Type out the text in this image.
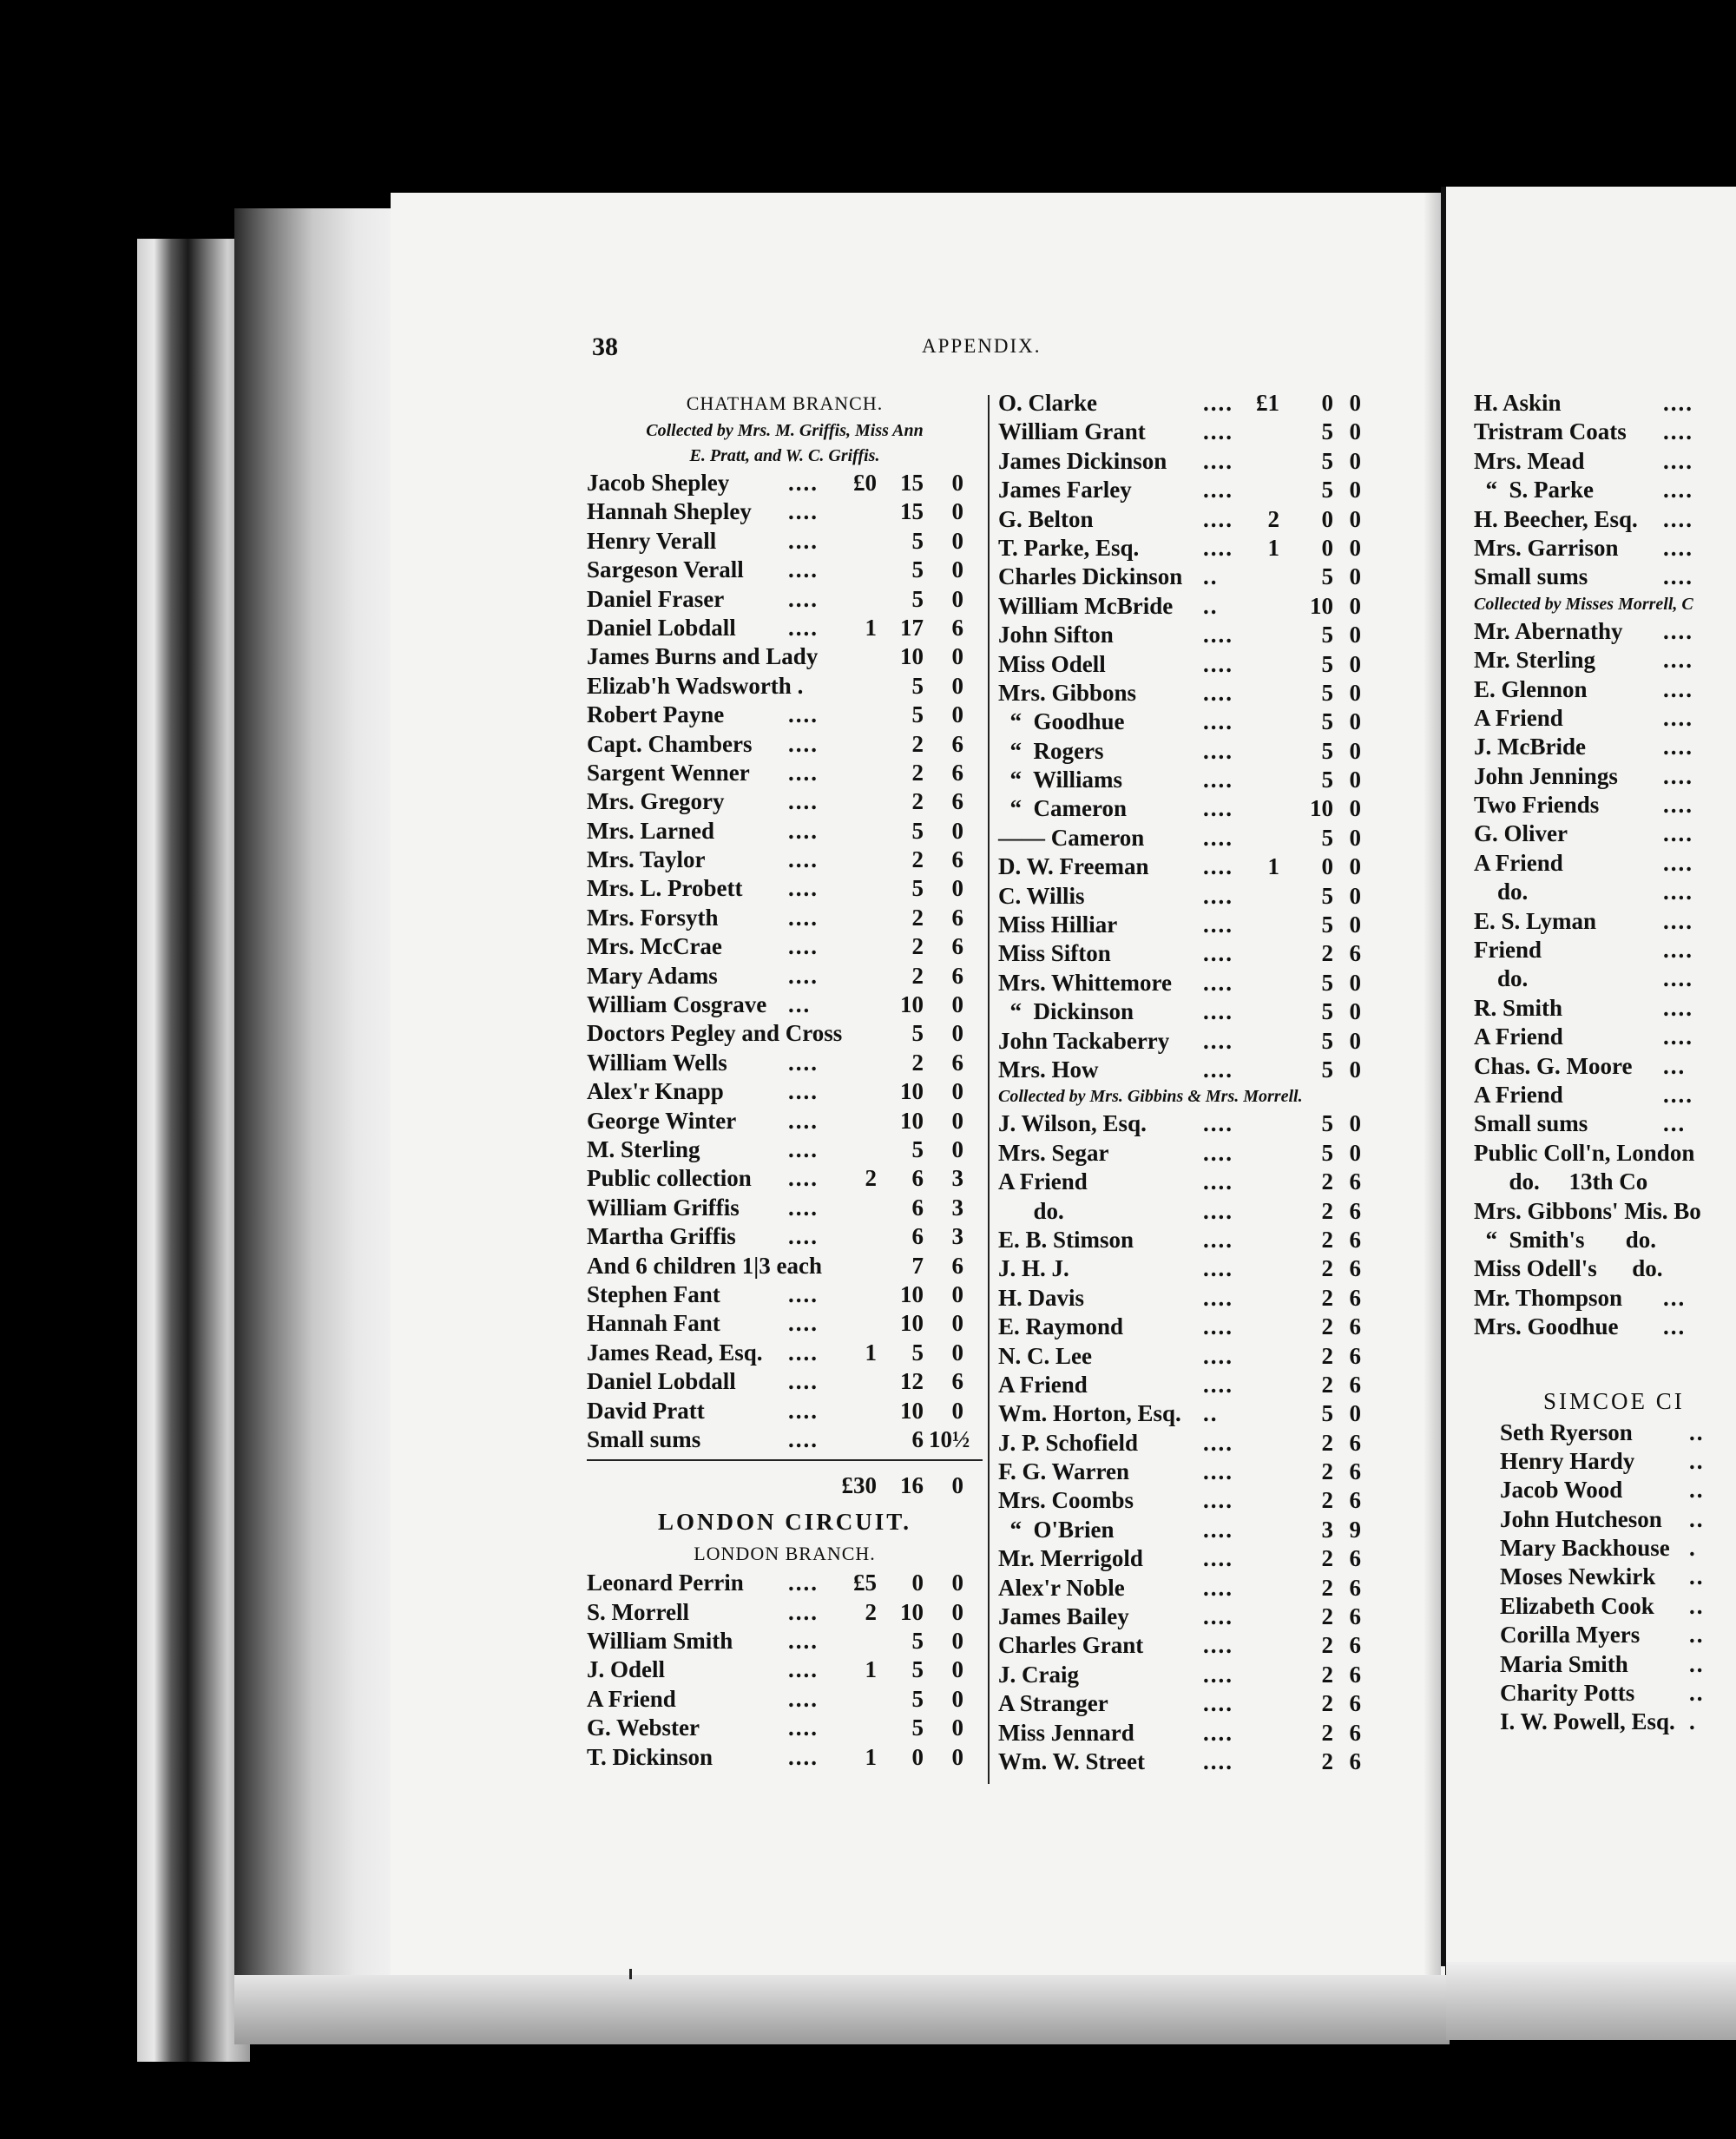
38	APPENDIX.
CHATHAM BRANCH.
Collected by Mrs. M. Griffis, Miss Ann
E. Pratt, and W. C. Griffis.
Jacob Shepley	....	£0	15	0
Hannah Shepley ....	15	0
Henry Verall	....	5	0
Sargeson Verall ....	5	0
Daniel Fraser	....	5	0
Daniel Lobdall ....	1	17	6
James Burns and Lady	10	0
Elizab'h Wadsworth .	5	0
Robert Payne	....	5	0
Capt. Chambers ....	2	6
Sargent Wenner ....	2	6
Mrs. Gregory	....	2	6
Mrs. Larned	....	5	0
Mrs. Taylor	....	2	6
Mrs. L. Probett ....	5	0
Mrs. Forsyth	....	2	6
Mrs. McCrae	....	2	6
Mary Adams	....	2	6
William Cosgrave ...	10	0
Doctors Pegley and Cross	5	0
William Wells	....	2	6
Alex'r Knapp	....	10	0
George Winter ....	10	0
M. Sterling	....	5	0
Public collection ....	2	6	3
William Griffis ....	6	3
Martha Griffis ....	6	3
And 6 children 1|3 each	7	6
Stephen Fant	....	10	0
Hannah Fant	....	10	0
James Read, Esq. ....	1	5	0
Daniel Lobdall ....	12	6
David Pratt	....	10	0
Small sums	....	6 10½
£30	16	0
LONDON CIRCUIT.
LONDON BRANCH.
Leonard Perrin ....	£5	0	0
S. Morrell	....	2	10	0
William Smith ....	5	0
J. Odell	....	1	5	0
A Friend	....	5	0
G. Webster	....	5	0
T. Dickinson	....	1	0	0
O. Clarke	.... £1	0 0
William Grant ....	5 0
James Dickinson ....	5 0
James Farley	....	5 0
G. Belton	....	2	0 0
T. Parke, Esq.	....	1	0 0
Charles Dickinson ..	5 0
William McBride ..	10 0
John Sifton	....	5 0
Miss Odell	....	5 0
Mrs. Gibbons	....	5 0
“  Goodhue	....	5 0
“  Rogers	....	5 0
“  Williams	....	5 0
“  Cameron	....	10 0
—— Cameron	....	5 0
D. W. Freeman ....	1	0 0
C. Willis	....	5 0
Miss Hilliar	....	5 0
Miss Sifton	....	2 6
Mrs. Whittemore ....	5 0
“  Dickinson	....	5 0
John Tackaberry ....	5 0
Mrs. How	....	5 0
Collected by Mrs. Gibbins & Mrs. Morrell.
J. Wilson, Esq. ....	5 0
Mrs. Segar	....	5 0
A Friend	....	2 6
do.	....	2 6
E. B. Stimson	....	2 6
J. H. J.	....	2 6
H. Davis	....	2 6
E. Raymond	....	2 6
N. C. Lee	....	2 6
A Friend	....	2 6
Wm. Horton, Esq. ..	5 0
J. P. Schofield	....	2 6
F. G. Warren	....	2 6
Mrs. Coombs	....	2 6
“  O'Brien	....	3 9
Mr. Merrigold	....	2 6
Alex'r Noble	....	2 6
James Bailey	....	2 6
Charles Grant	....	2 6
J. Craig	....	2 6
A Stranger	....	2 6
Miss Jennard	....	2 6
Wm. W. Street ....	2 6
H. Askin	....
Tristram Coats ....
Mrs. Mead	....
“  S. Parke	....
H. Beecher, Esq. ....
Mrs. Garrison ....
Small sums	....
Collected by Misses Morrell, C
Mr. Abernathy ....
Mr. Sterling	....
E. Glennon	....
A Friend	....
J. McBride	....
John Jennings ....
Two Friends	....
G. Oliver	....
A Friend	....
do.	....
E. S. Lyman	....
Friend	....
do.	....
R. Smith	....
A Friend	....
Chas. G. Moore ...
A Friend	....
Small sums	...
Public Coll'n, London
do.     13th Co
Mrs. Gibbons' Mis. Bo
“  Smith's       do.
Miss Odell's      do.
Mr. Thompson ...
Mrs. Goodhue ...
SIMCOE CI
Seth Ryerson ..
Henry Hardy ..
Jacob Wood	..
John Hutcheson ..
Mary Backhouse .
Moses Newkirk ..
Elizabeth Cook ..
Corilla Myers ..
Maria Smith	..
Charity Potts ..
I. W. Powell, Esq. .
